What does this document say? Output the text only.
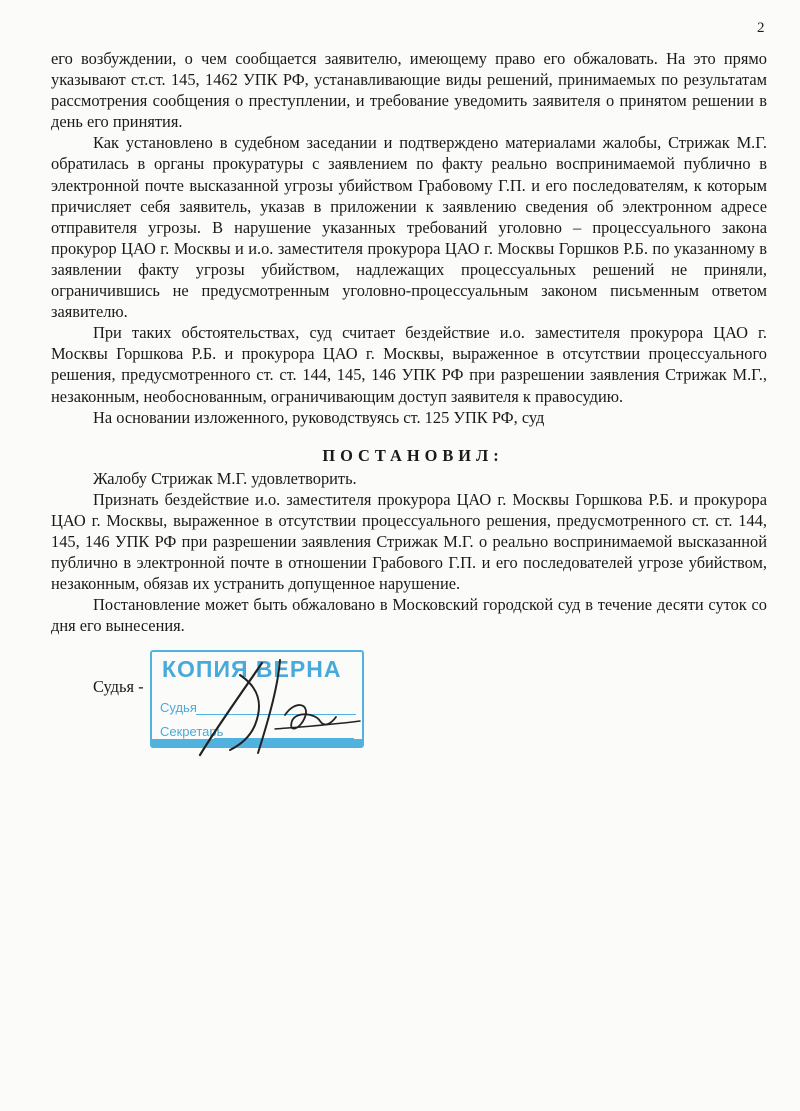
2

его возбуждении, о чем сообщается заявителю, имеющему право его обжаловать. На это прямо указывают ст.ст. 145, 1462 УПК РФ, устанавливающие виды решений, принимаемых по результатам рассмотрения сообщения о преступлении, и требование уведомить заявителя о принятом решении в день его принятия.

Как установлено в судебном заседании и подтверждено материалами жалобы, Стрижак М.Г. обратилась в органы прокуратуры с заявлением по факту реально воспринимаемой публично в электронной почте высказанной угрозы убийством Грабовому Г.П. и его последователям, к которым причисляет себя заявитель, указав в приложении к заявлению сведения об электронном адресе отправителя угрозы. В нарушение указанных требований уголовно – процессуального закона прокурор ЦАО г. Москвы и и.о. заместителя прокурора ЦАО г. Москвы Горшков Р.Б. по указанному в заявлении факту угрозы убийством, надлежащих процессуальных решений не приняли, ограничившись не предусмотренным уголовно-процессуальным законом письменным ответом заявителю.

При таких обстоятельствах, суд считает бездействие и.о. заместителя прокурора ЦАО г. Москвы Горшкова Р.Б. и прокурора ЦАО г. Москвы, выраженное в отсутствии процессуального решения, предусмотренного ст. ст. 144, 145, 146 УПК РФ при разрешении заявления Стрижак М.Г., незаконным, необоснованным, ограничивающим доступ заявителя к правосудию.

На основании изложенного, руководствуясь ст. 125 УПК РФ, суд

ПОСТАНОВИЛ:

Жалобу Стрижак М.Г. удовлетворить.

Признать бездействие и.о. заместителя прокурора ЦАО г. Москвы Горшкова Р.Б. и прокурора ЦАО г. Москвы, выраженное в отсутствии процессуального решения, предусмотренного ст. ст. 144, 145, 146 УПК РФ при разрешении заявления Стрижак М.Г. о реально воспринимаемой высказанной публично в электронной почте в отношении Грабового Г.П. и его последователей угрозе убийством, незаконным, обязав их устранить допущенное нарушение.

Постановление может быть обжаловано в Московский городской суд в течение десяти суток со дня его вынесения.

Судья -
КОПИЯ ВЕРНА
Судья
Секретарь
